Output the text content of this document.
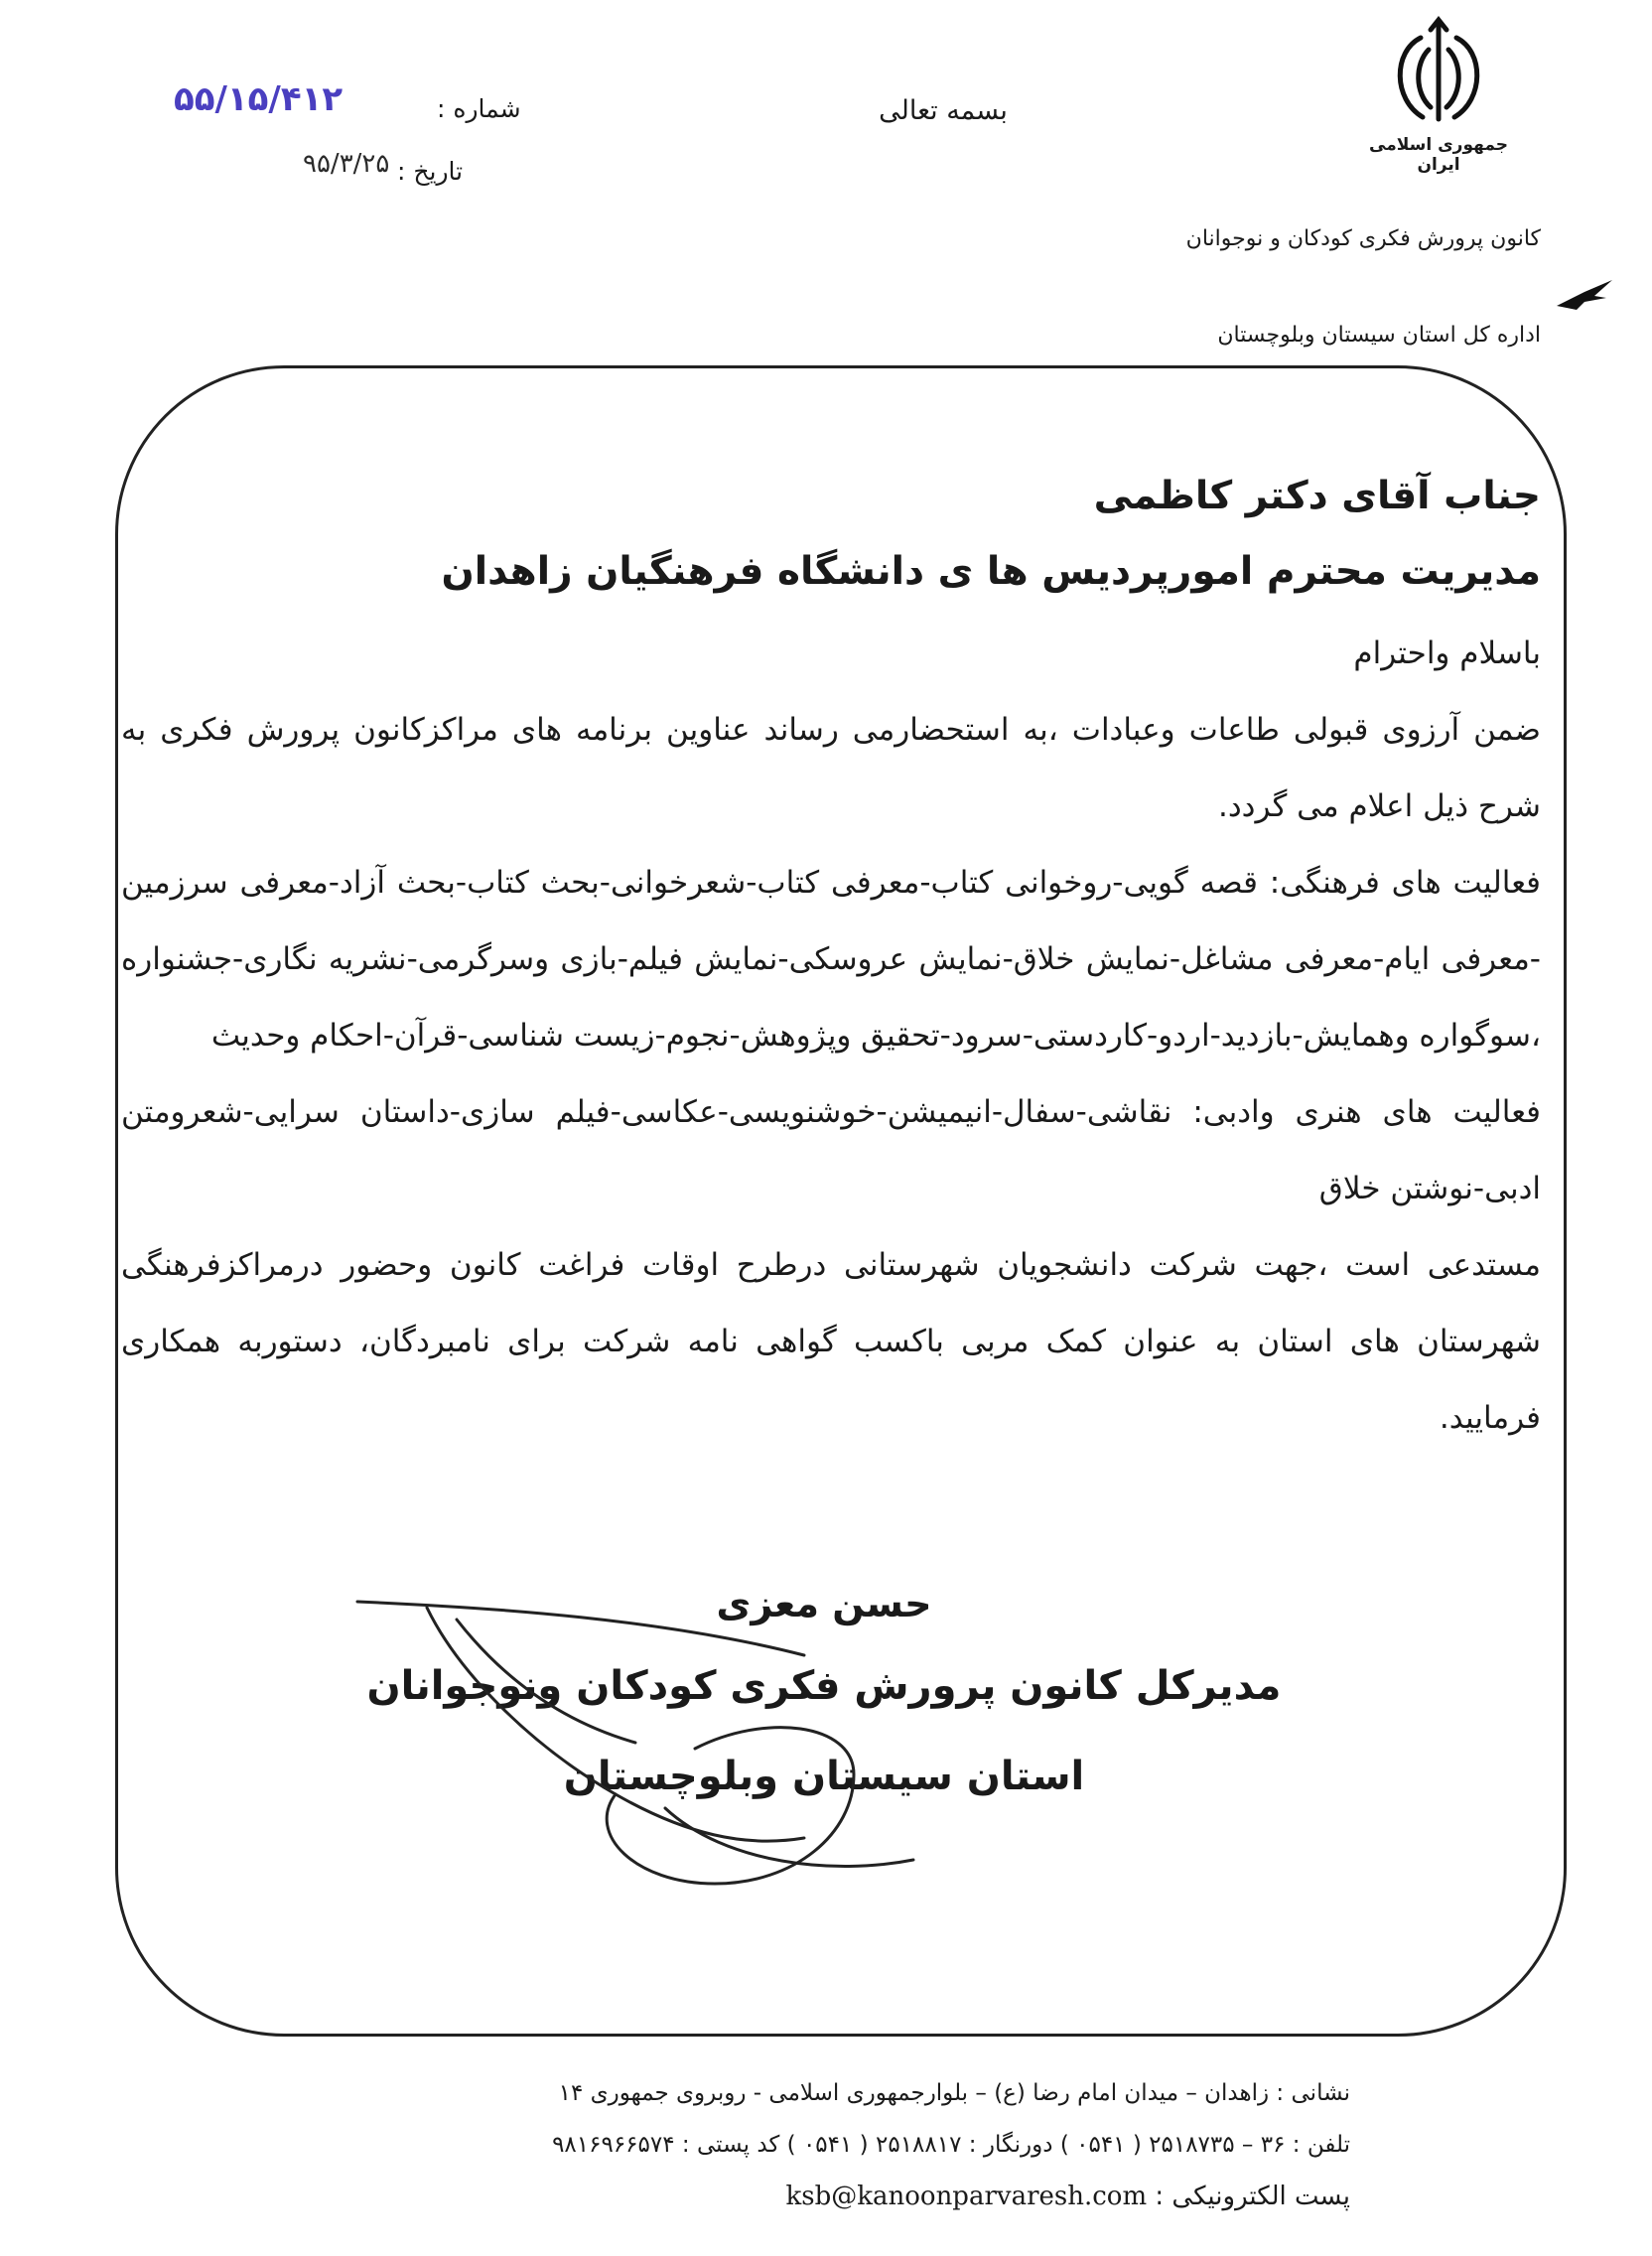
جمهوری اسلامی ایران
بسمه تعالی
شماره :
۵۵/۱۵/۴۱۲
تاریخ :
۹۵/۳/۲۵
کانون پرورش فکری کودکان و نوجوانان
اداره کل استان سیستان وبلوچستان
جناب آقای دکتر کاظمی
مدیریت محترم امورپردیس ها ی دانشگاه فرهنگیان زاهدان

باسلام واحترام

ضمن آرزوی قبولی طاعات وعبادات ،به استحضارمی رساند عناوین برنامه های مراکزکانون پرورش فکری به شرح ذیل اعلام می گردد.

فعالیت های فرهنگی: قصه گویی-روخوانی کتاب-معرفی کتاب-شعرخوانی-بحث کتاب-بحث آزاد-معرفی سرزمین -معرفی ایام-معرفی مشاغل-نمایش خلاق-نمایش عروسکی-نمایش فیلم-بازی وسرگرمی-نشریه نگاری-جشنواره ،سوگواره وهمایش-بازدید-اردو-کاردستی-سرود-تحقیق وپژوهش-نجوم-زیست شناسی-قرآن-احکام وحدیث

فعالیت های هنری وادبی: نقاشی-سفال-انیمیشن-خوشنویسی-عکاسی-فیلم سازی-داستان سرایی-شعرومتن ادبی-نوشتن خلاق

مستدعی است ،جهت شرکت دانشجویان شهرستانی درطرح اوقات فراغت کانون وحضور درمراکزفرهنگی شهرستان های استان به عنوان کمک مربی باکسب گواهی نامه شرکت برای نامبردگان، دستوربه همکاری فرمایید.

حسن معزی
مدیرکل کانون پرورش فکری کودکان ونوجوانان
استان سیستان وبلوچستان
نشانی : زاهدان – میدان امام رضا (ع) – بلوارجمهوری اسلامی - روبروی جمهوری ۱۴
تلفن : ۳۶ – ۲۵۱۸۷۳۵ ( ۰۵۴۱ ) دورنگار : ۲۵۱۸۸۱۷ ( ۰۵۴۱ ) کد پستی : ۹۸۱۶۹۶۶۵۷۴
پست الکترونیکی : ksb@kanoonparvaresh.com
